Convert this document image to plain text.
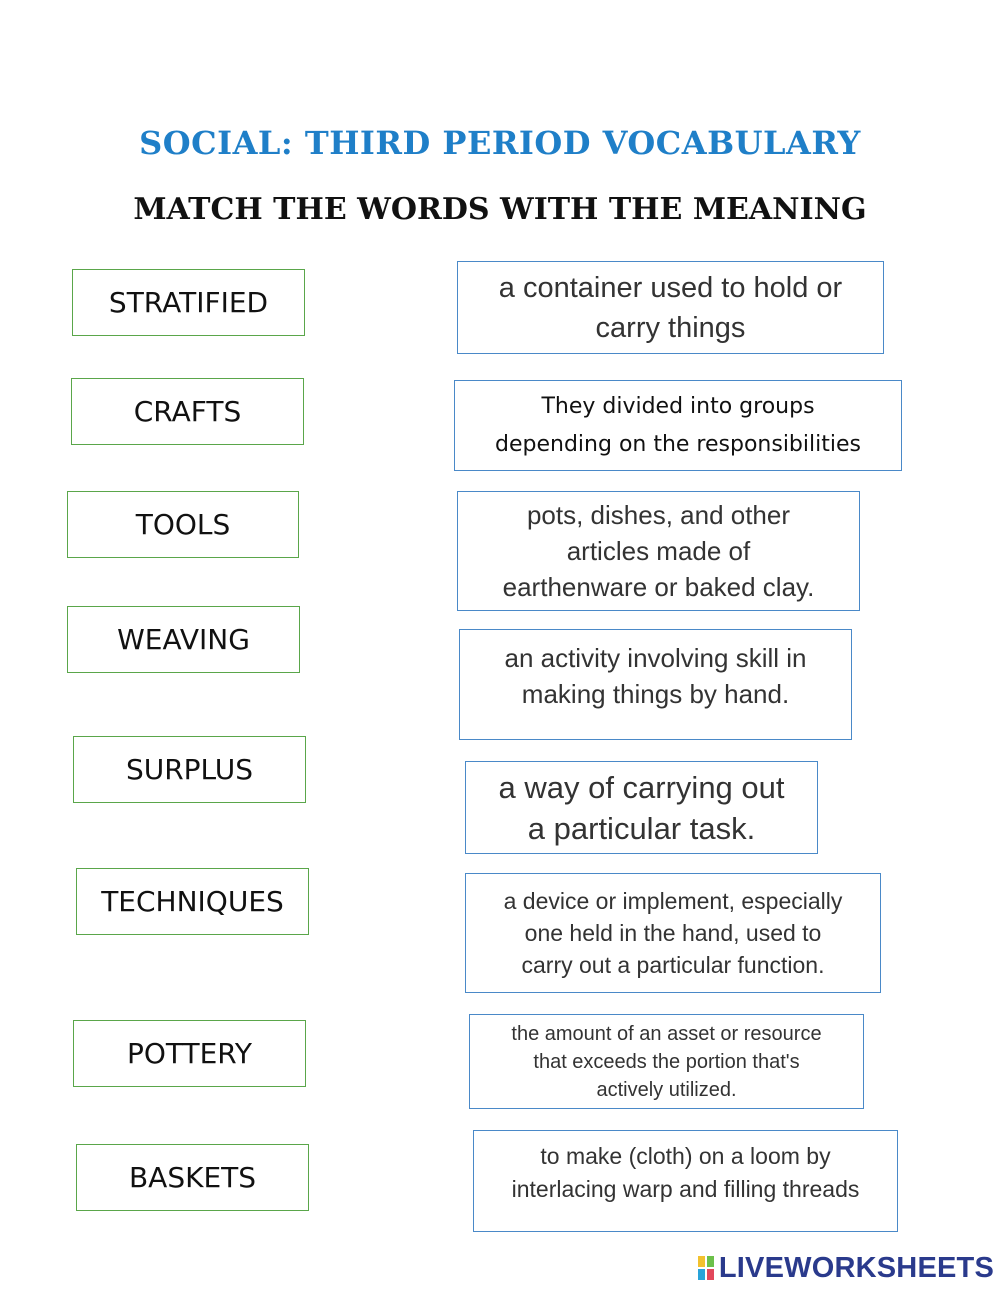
SOCIAL: THIRD PERIOD VOCABULARY
MATCH THE WORDS WITH THE MEANING
STRATIFIED
CRAFTS
TOOLS
WEAVING
SURPLUS
TECHNIQUES
POTTERY
BASKETS
a container used to hold or
carry things
They divided into groups
depending on the responsibilities
pots, dishes, and other
articles made of
earthenware or baked clay.
an activity involving skill in
making things by hand.
a way of carrying out
a particular task.
a device or implement, especially
one held in the hand, used to
carry out a particular function.
the amount of an asset or resource
that exceeds the portion that's
actively utilized.
to make (cloth) on a loom by
interlacing warp and filling threads
LIVEWORKSHEETS
